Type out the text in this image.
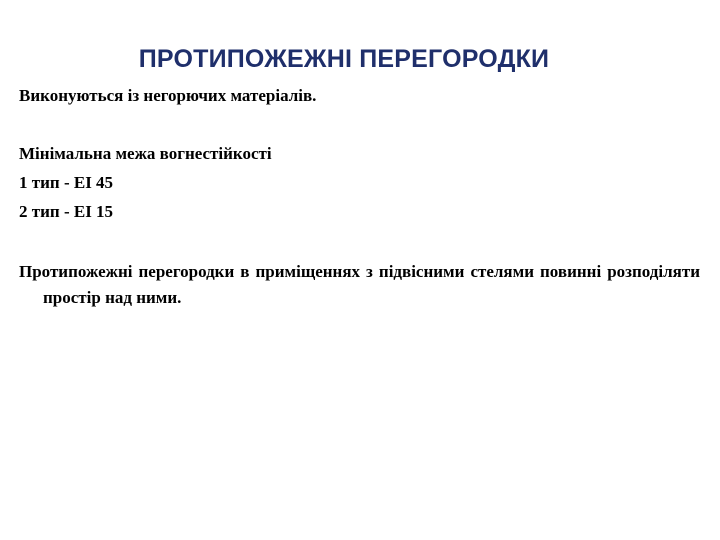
ПРОТИПОЖЕЖНІ ПЕРЕГОРОДКИ
Виконуються із негорючих матеріалів.
Мінімальна межа вогнестійкості
1 тип - ЕІ 45
2 тип - ЕІ 15
Протипожежні перегородки в приміщеннях з підвісними стелями повинні розподіляти простір над ними.
